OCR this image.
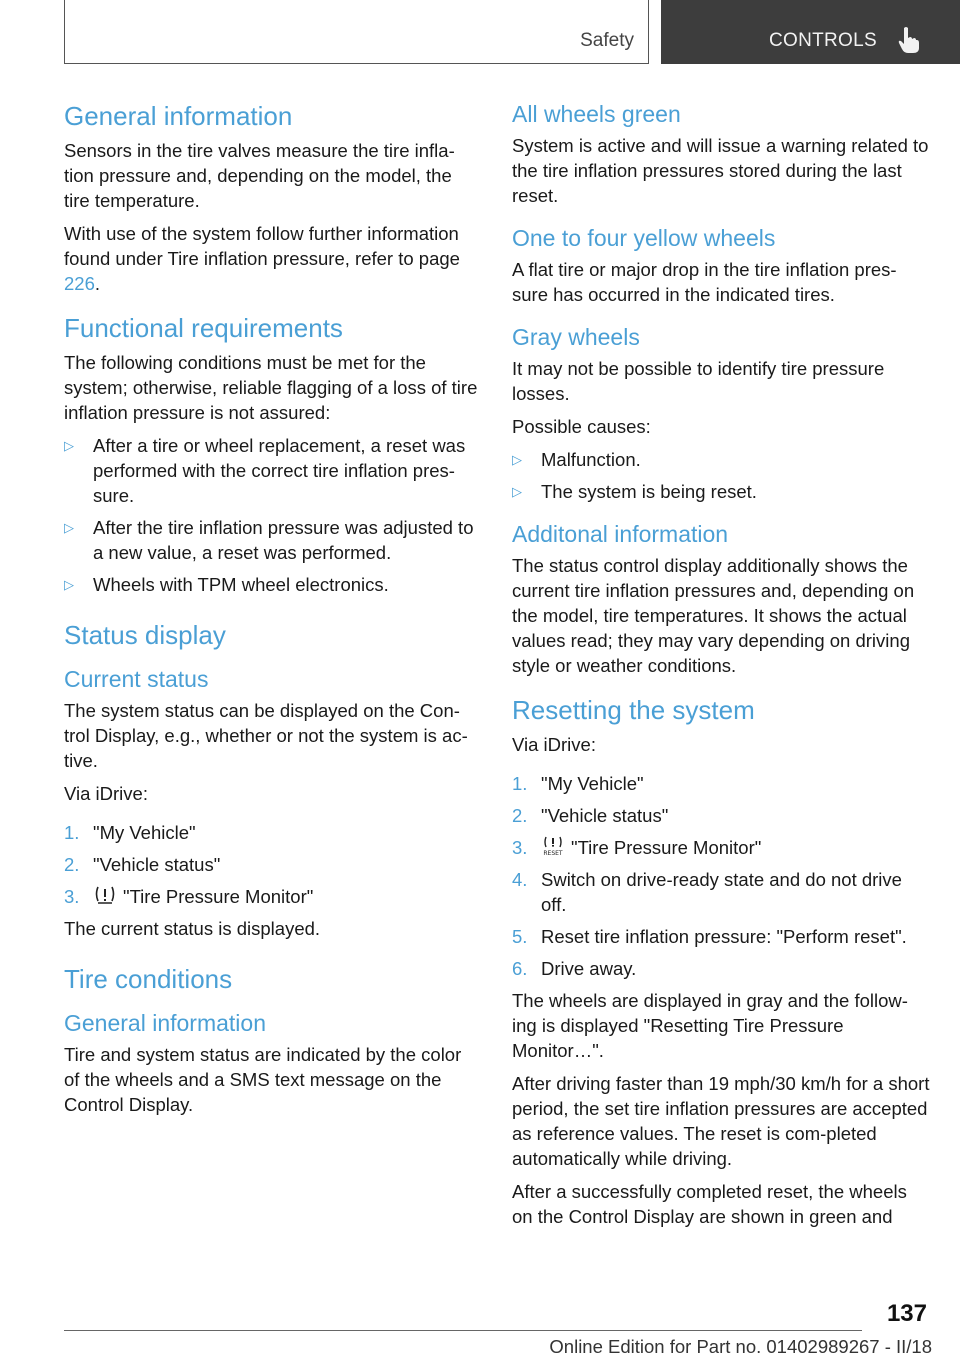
Safety	CONTROLS
General information

Sensors in the tire valves measure the tire infla-tion pressure and, depending on the model, the tire temperature.

With use of the system follow further information found under Tire inflation pressure, refer to page 226.

Functional requirements

The following conditions must be met for the system; otherwise, reliable flagging of a loss of tire inflation pressure is not assured:

▷ After a tire or wheel replacement, a reset was performed with the correct tire inflation pres-sure.
▷ After the tire inflation pressure was adjusted to a new value, a reset was performed.
▷ Wheels with TPM wheel electronics.
Status display
Current status

The system status can be displayed on the Con-trol Display, e.g., whether or not the system is ac-tive.

Via iDrive:

1. "My Vehicle"
2. "Vehicle status"
3. "Tire Pressure Monitor"

The current status is displayed.

Tire conditions
General information

Tire and system status are indicated by the color of the wheels and a SMS text message on the Control Display.

All wheels green

System is active and will issue a warning related to the tire inflation pressures stored during the last reset.

One to four yellow wheels

A flat tire or major drop in the tire inflation pres-sure has occurred in the indicated tires.

Gray wheels

It may not be possible to identify tire pressure losses.

Possible causes:

▷ Malfunction.
▷ The system is being reset.
Additonal information

The status control display additionally shows the current tire inflation pressures and, depending on the model, tire temperatures. It shows the actual values read; they may vary depending on driving style or weather conditions.

Resetting the system

Via iDrive:

1. "My Vehicle"
2. "Vehicle status"
3.	RESET "Tire Pressure Monitor"
4. Switch on drive-ready state and do not drive off.
5. Reset tire inflation pressure: "Perform reset".
6. Drive away.

The wheels are displayed in gray and the follow-ing is displayed "Resetting Tire Pressure Monitor…".

After driving faster than 19 mph/30 km/h for a short period, the set tire inflation pressures are accepted as reference values. The reset is com-pleted automatically while driving.

After a successfully completed reset, the wheels on the Control Display are shown in green and

137
Online Edition for Part no. 01402989267 - II/18
